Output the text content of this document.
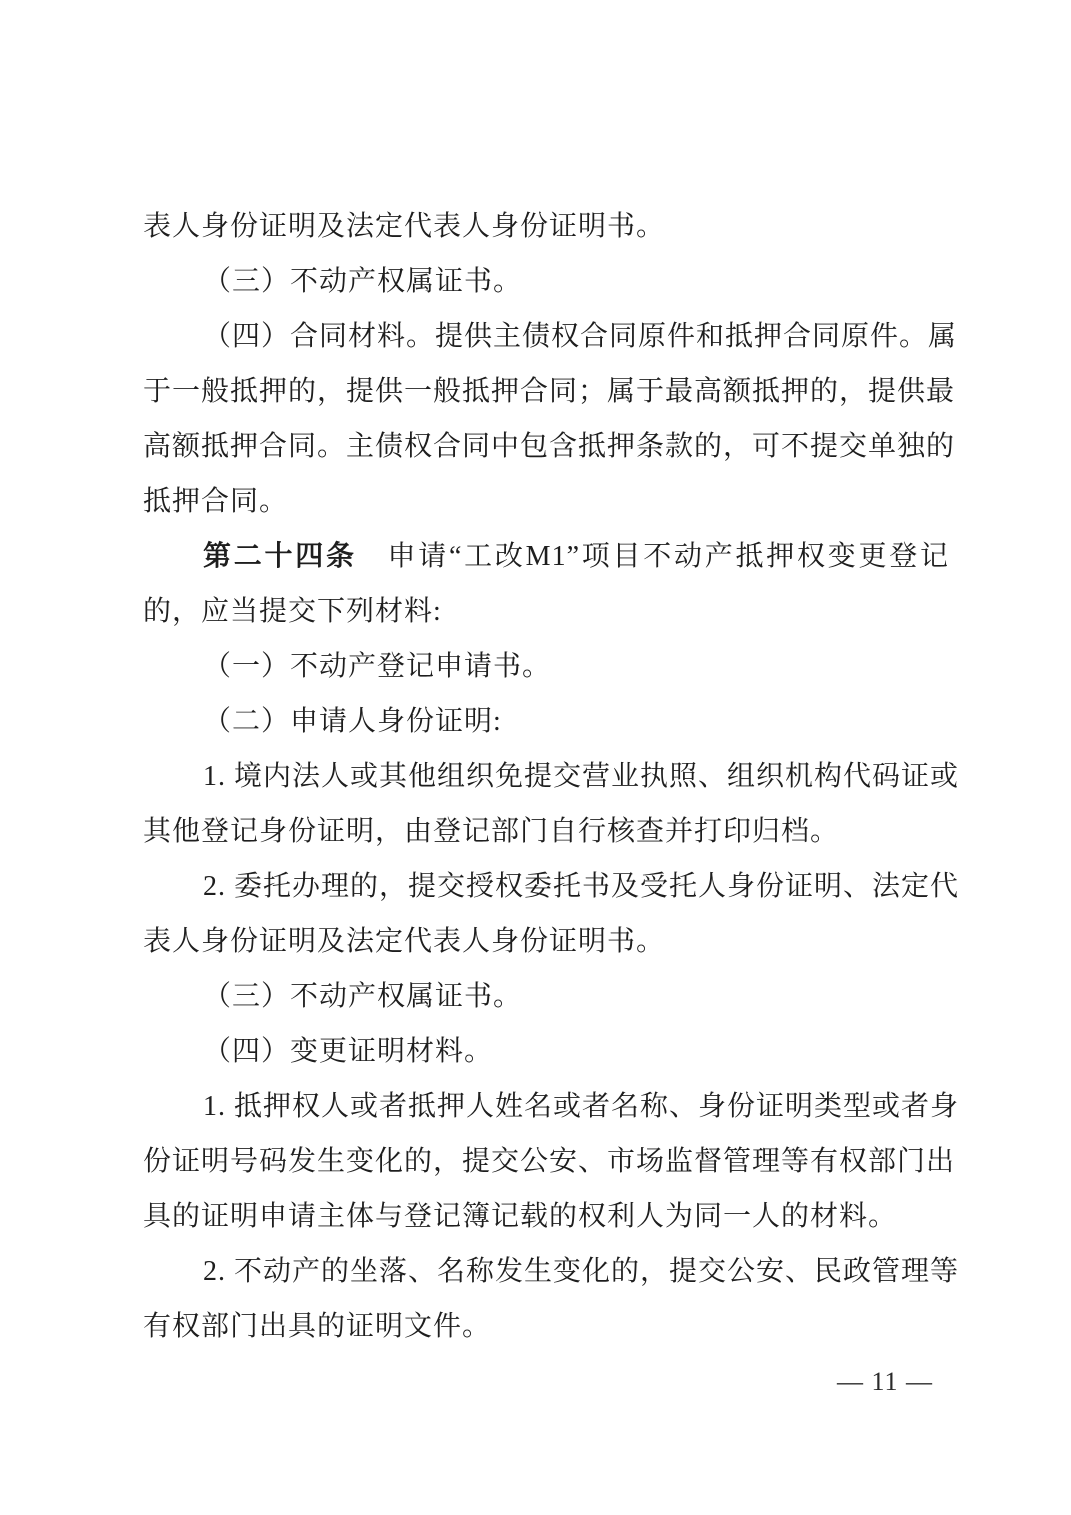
表人身份证明及法定代表人身份证明书。
（三）不动产权属证书。
（四）合同材料。提供主债权合同原件和抵押合同原件。属
于一般抵押的，提供一般抵押合同；属于最高额抵押的，提供最
高额抵押合同。主债权合同中包含抵押条款的，可不提交单独的
抵押合同。
第二十四条　申请“工改M1”项目不动产抵押权变更登记
的，应当提交下列材料:
（一）不动产登记申请书。
（二）申请人身份证明:
1. 境内法人或其他组织免提交营业执照、组织机构代码证或
其他登记身份证明，由登记部门自行核查并打印归档。
2. 委托办理的，提交授权委托书及受托人身份证明、法定代
表人身份证明及法定代表人身份证明书。
（三）不动产权属证书。
（四）变更证明材料。
1. 抵押权人或者抵押人姓名或者名称、身份证明类型或者身
份证明号码发生变化的，提交公安、市场监督管理等有权部门出
具的证明申请主体与登记簿记载的权利人为同一人的材料。
2. 不动产的坐落、名称发生变化的，提交公安、民政管理等
有权部门出具的证明文件。
— 11 —
